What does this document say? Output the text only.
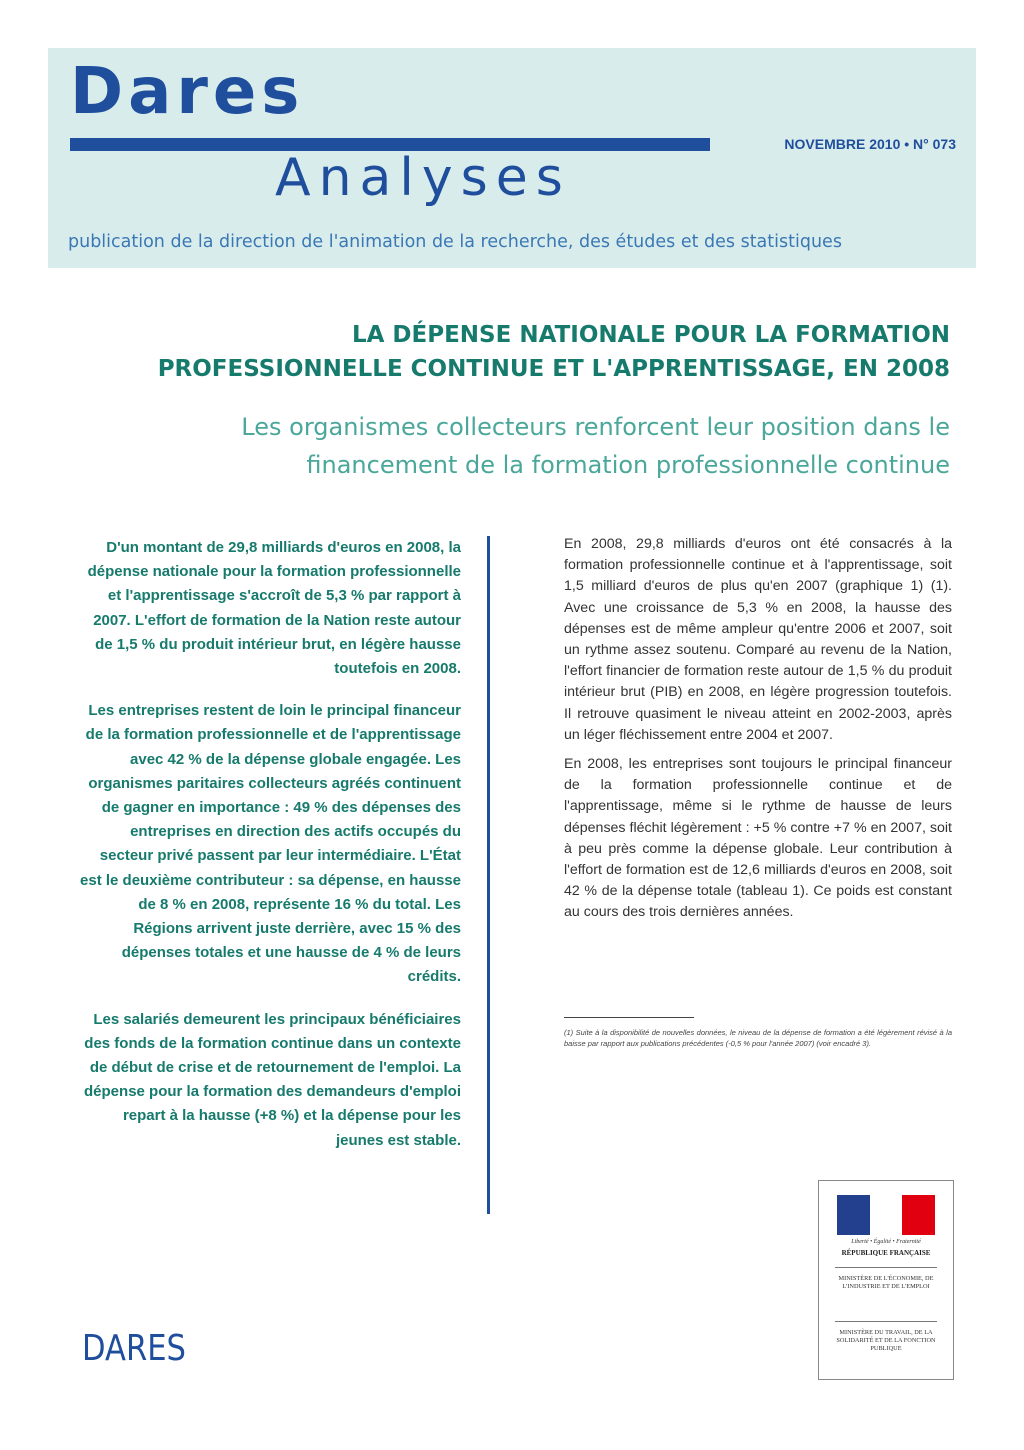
Dares
Analyses
NOVEMBRE 2010 • N° 073
publication de la direction de l'animation de la recherche, des études et des statistiques
LA DÉPENSE NATIONALE POUR LA FORMATION PROFESSIONNELLE CONTINUE ET L'APPRENTISSAGE, EN 2008
Les organismes collecteurs renforcent leur position dans le financement de la formation professionnelle continue

D'un montant de 29,8 milliards d'euros en 2008, la dépense nationale pour la formation professionnelle et l'apprentissage s'accroît de 5,3 % par rapport à 2007. L'effort de formation de la Nation reste autour de 1,5 % du produit intérieur brut, en légère hausse toutefois en 2008.

Les entreprises restent de loin le principal financeur de la formation professionnelle et de l'apprentissage avec 42 % de la dépense globale engagée. Les organismes paritaires collecteurs agréés continuent de gagner en importance : 49 % des dépenses des entreprises en direction des actifs occupés du secteur privé passent par leur intermédiaire. L'État est le deuxième contributeur : sa dépense, en hausse de 8 % en 2008, représente 16 % du total. Les Régions arrivent juste derrière, avec 15 % des dépenses totales et une hausse de 4 % de leurs crédits.

Les salariés demeurent les principaux bénéficiaires des fonds de la formation continue dans un contexte de début de crise et de retournement de l'emploi. La dépense pour la formation des demandeurs d'emploi repart à la hausse (+8 %) et la dépense pour les jeunes est stable.

En 2008, 29,8 milliards d'euros ont été consacrés à la formation professionnelle continue et à l'apprentissage, soit 1,5 milliard d'euros de plus qu'en 2007 (graphique 1) (1). Avec une croissance de 5,3 % en 2008, la hausse des dépenses est de même ampleur qu'entre 2006 et 2007, soit un rythme assez soutenu. Comparé au revenu de la Nation, l'effort financier de formation reste autour de 1,5 % du produit intérieur brut (PIB) en 2008, en légère progression toutefois. Il retrouve quasiment le niveau atteint en 2002-2003, après un léger fléchissement entre 2004 et 2007.

En 2008, les entreprises sont toujours le principal financeur de la formation professionnelle continue et de l'apprentissage, même si le rythme de hausse de leurs dépenses fléchit légèrement : +5 % contre +7 % en 2007, soit à peu près comme la dépense globale. Leur contribution à l'effort de formation est de 12,6 milliards d'euros en 2008, soit 42 % de la dépense totale (tableau 1). Ce poids est constant au cours des trois dernières années.

(1) Suite à la disponibilité de nouvelles données, le niveau de la dépense de formation a été légèrement révisé à la baisse par rapport aux publications précédentes (-0,5 % pour l'année 2007) (voir encadré 3).
Liberté • Égalité • Fraternité
RÉPUBLIQUE FRANÇAISE
MINISTÈRE DE L'ÉCONOMIE, DE L'INDUSTRIE ET DE L'EMPLOI
MINISTÈRE DU TRAVAIL, DE LA SOLIDARITÉ ET DE LA FONCTION PUBLIQUE
DARES
